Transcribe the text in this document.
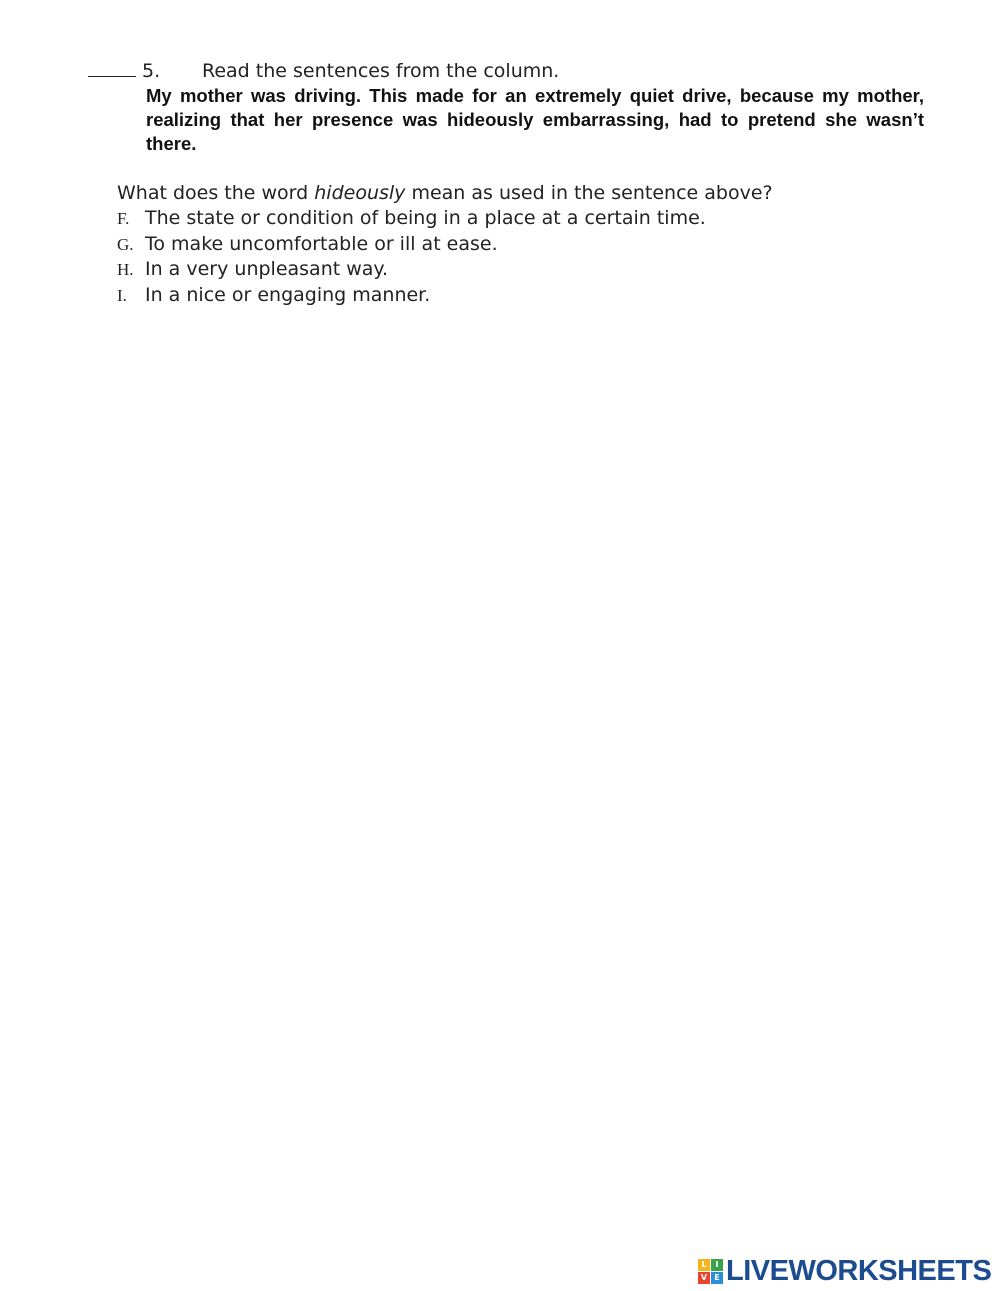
5. Read the sentences from the column.
My mother was driving. This made for an extremely quiet drive, because my mother, realizing that her presence was hideously embarrassing, had to pretend she wasn’t there.
What does the word hideously mean as used in the sentence above?
F. The state or condition of being in a place at a certain time.
G. To make uncomfortable or ill at ease.
H. In a very unpleasant way.
I. In a nice or engaging manner.
L	I
V E LIVEWORKSHEETS
